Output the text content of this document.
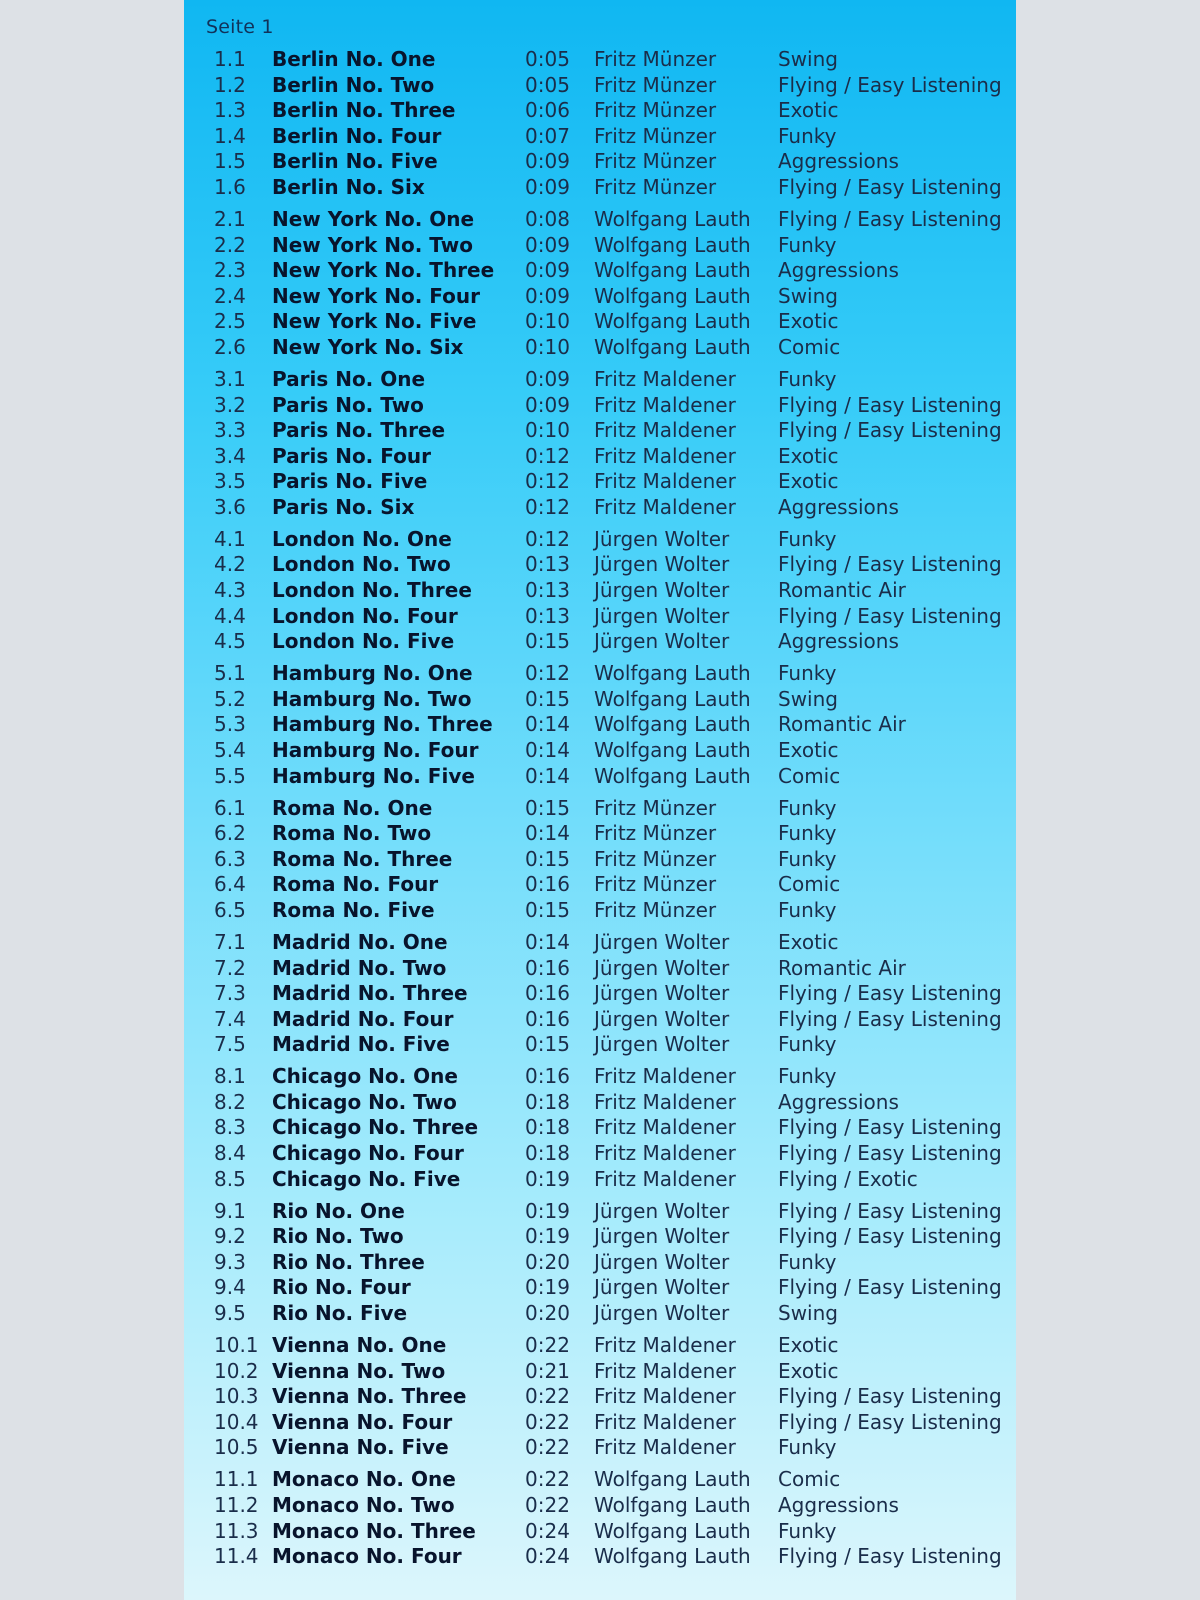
Seite 1
1.1	Berlin No. One	0:05	Fritz Münzer	Swing
1.2	Berlin No. Two	0:05	Fritz Münzer	Flying / Easy Listening
1.3	Berlin No. Three	0:06	Fritz Münzer	Exotic
1.4	Berlin No. Four	0:07	Fritz Münzer	Funky
1.5	Berlin No. Five	0:09	Fritz Münzer	Aggressions
1.6	Berlin No. Six	0:09	Fritz Münzer	Flying / Easy Listening
2.1	New York No. One	0:08	Wolfgang Lauth	Flying / Easy Listening
2.2	New York No. Two	0:09	Wolfgang Lauth	Funky
2.3	New York No. Three	0:09	Wolfgang Lauth	Aggressions
2.4	New York No. Four	0:09	Wolfgang Lauth	Swing
2.5	New York No. Five	0:10	Wolfgang Lauth	Exotic
2.6	New York No. Six	0:10	Wolfgang Lauth	Comic
3.1	Paris No. One	0:09	Fritz Maldener	Funky
3.2	Paris No. Two	0:09	Fritz Maldener	Flying / Easy Listening
3.3	Paris No. Three	0:10	Fritz Maldener	Flying / Easy Listening
3.4	Paris No. Four	0:12	Fritz Maldener	Exotic
3.5	Paris No. Five	0:12	Fritz Maldener	Exotic
3.6	Paris No. Six	0:12	Fritz Maldener	Aggressions
4.1	London No. One	0:12	Jürgen Wolter	Funky
4.2	London No. Two	0:13	Jürgen Wolter	Flying / Easy Listening
4.3	London No. Three	0:13	Jürgen Wolter	Romantic Air
4.4	London No. Four	0:13	Jürgen Wolter	Flying / Easy Listening
4.5	London No. Five	0:15	Jürgen Wolter	Aggressions
5.1	Hamburg No. One	0:12	Wolfgang Lauth	Funky
5.2	Hamburg No. Two	0:15	Wolfgang Lauth	Swing
5.3	Hamburg No. Three	0:14	Wolfgang Lauth	Romantic Air
5.4	Hamburg No. Four	0:14	Wolfgang Lauth	Exotic
5.5	Hamburg No. Five	0:14	Wolfgang Lauth	Comic
6.1	Roma No. One	0:15	Fritz Münzer	Funky
6.2	Roma No. Two	0:14	Fritz Münzer	Funky
6.3	Roma No. Three	0:15	Fritz Münzer	Funky
6.4	Roma No. Four	0:16	Fritz Münzer	Comic
6.5	Roma No. Five	0:15	Fritz Münzer	Funky
7.1	Madrid No. One	0:14	Jürgen Wolter	Exotic
7.2	Madrid No. Two	0:16	Jürgen Wolter	Romantic Air
7.3	Madrid No. Three	0:16	Jürgen Wolter	Flying / Easy Listening
7.4	Madrid No. Four	0:16	Jürgen Wolter	Flying / Easy Listening
7.5	Madrid No. Five	0:15	Jürgen Wolter	Funky
8.1	Chicago No. One	0:16	Fritz Maldener	Funky
8.2	Chicago No. Two	0:18	Fritz Maldener	Aggressions
8.3	Chicago No. Three	0:18	Fritz Maldener	Flying / Easy Listening
8.4	Chicago No. Four	0:18	Fritz Maldener	Flying / Easy Listening
8.5	Chicago No. Five	0:19	Fritz Maldener	Flying / Exotic
9.1	Rio No. One	0:19	Jürgen Wolter	Flying / Easy Listening
9.2	Rio No. Two	0:19	Jürgen Wolter	Flying / Easy Listening
9.3	Rio No. Three	0:20	Jürgen Wolter	Funky
9.4	Rio No. Four	0:19	Jürgen Wolter	Flying / Easy Listening
9.5	Rio No. Five	0:20	Jürgen Wolter	Swing
10.1 Vienna No. One	0:22	Fritz Maldener	Exotic
10.2 Vienna No. Two	0:21	Fritz Maldener	Exotic
10.3 Vienna No. Three	0:22	Fritz Maldener	Flying / Easy Listening
10.4 Vienna No. Four	0:22	Fritz Maldener	Flying / Easy Listening
10.5 Vienna No. Five	0:22	Fritz Maldener	Funky
11.1 Monaco No. One	0:22	Wolfgang Lauth	Comic
11.2 Monaco No. Two	0:22	Wolfgang Lauth	Aggressions
11.3 Monaco No. Three	0:24	Wolfgang Lauth	Funky
11.4 Monaco No. Four	0:24	Wolfgang Lauth	Flying / Easy Listening
